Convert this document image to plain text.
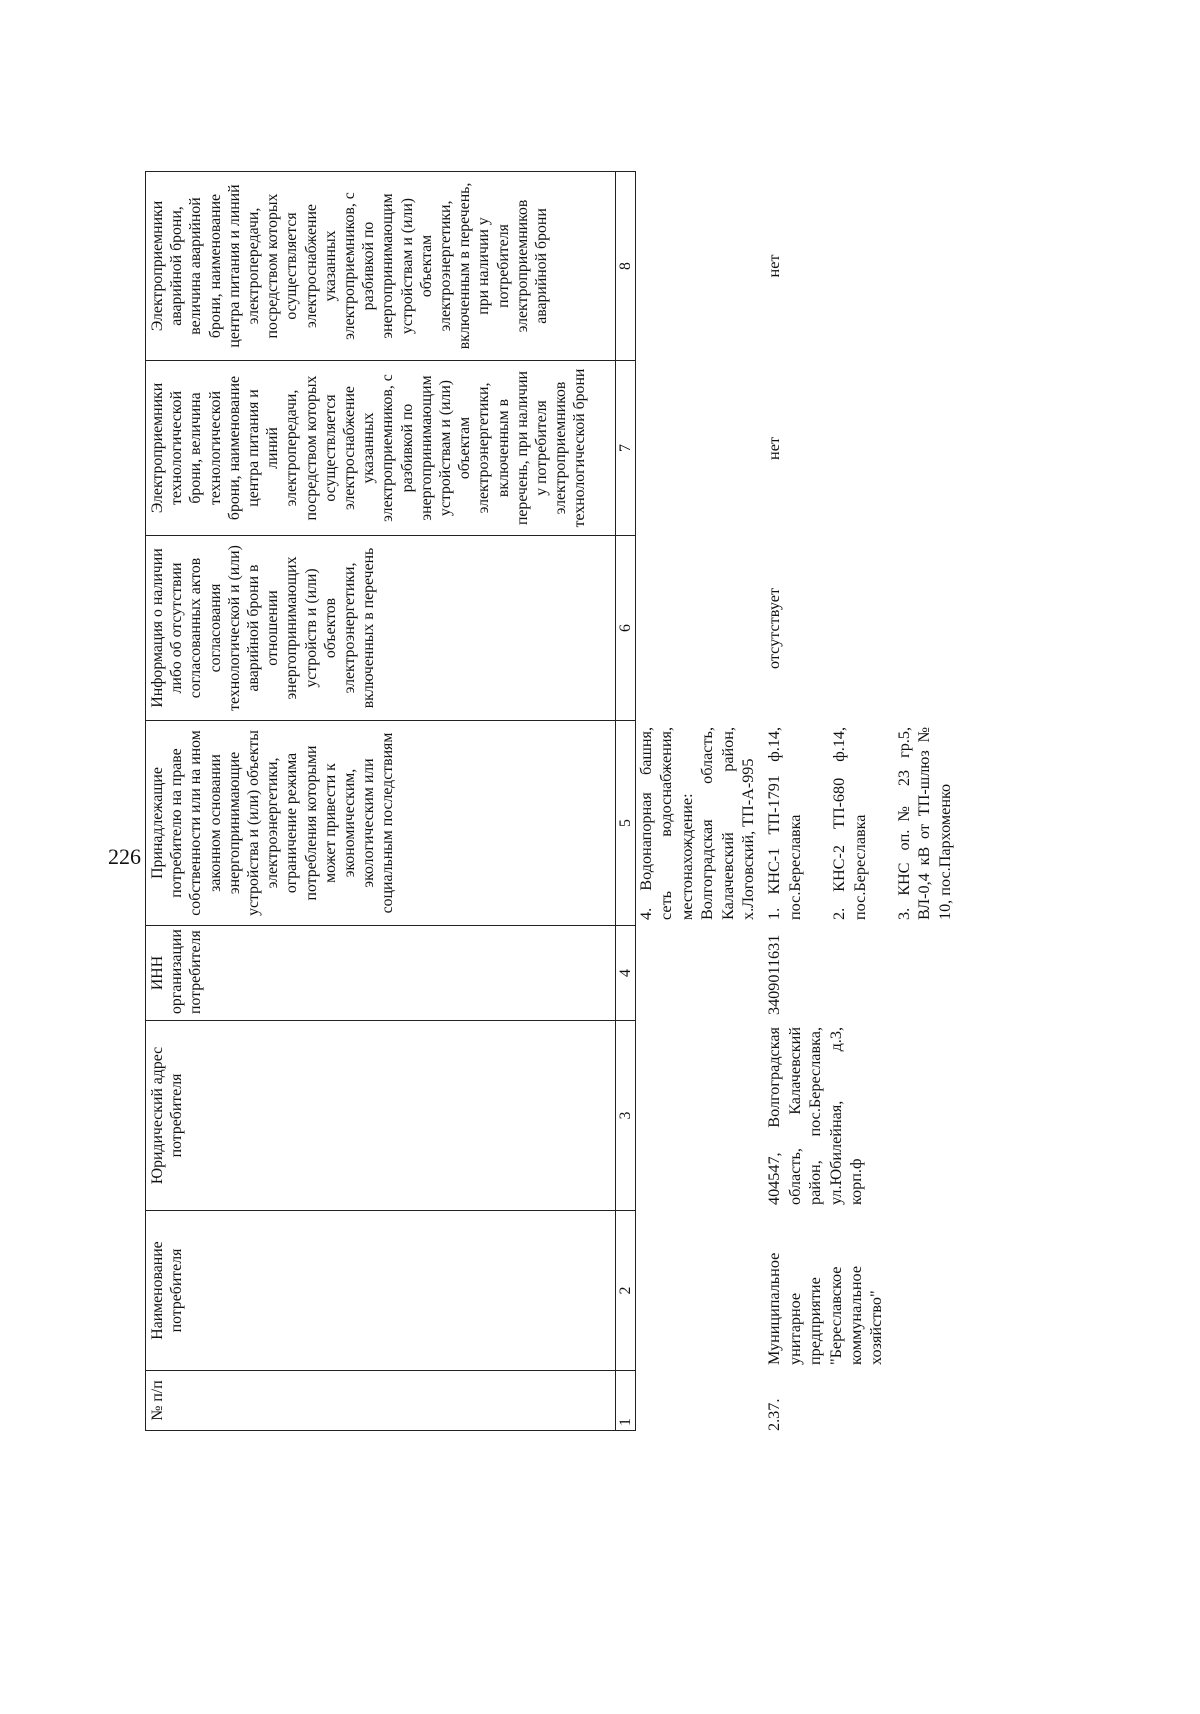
226
№ п/п
Наименование потребителя
Юридический адрес потребителя
ИНН организации потребителя
Принадлежащие потребителю на праве собственности или на ином законном основании энергопринимающие устройства и (или) объекты электроэнергетики, ограничение режима потребления которыми может привести к экономическим, экологическим или социальным последствиям
Информация о наличии либо об отсутствии согласованных актов согласования технологической и (или) аварийной брони в отношении энергопринимающих устройств и (или) объектов электроэнергетики, включенных в перечень
Электроприемники технологической брони, величина технологической брони, наименование центра питания и линий электропередачи, посредством которых осуществляется электроснабжение указанных электроприемников, с разбивкой по энергопринимающим устройствам и (или) объектам электроэнергетики, включенным в перечень, при наличии у потребителя электроприемников технологической брони
Электроприемники аварийной брони, величина аварийной брони, наименование центра питания и линий электропередачи, посредством которых осуществляется электроснабжение указанных электроприемников, с разбивкой по энергопринимающим устройствам и (или) объектам электроэнергетики, включенным в перечень, при наличии у потребителя электроприемников аварийной брони
1
2
3
4
5
6
7
8
4. Водонапорная башня, сеть водоснабжения, местонахождение: Волгоградская область, Калачевский район, х.Логовский, ТП-А-995
2.37.
Муниципальное унитарное предприятие "Береславское коммунальное хозяйство"
404547, Волгоградская область, Калачевский район, пос.Береславка, ул.Юбилейная, д.3, корп.ф
3409011631
1. КНС-1 ТП-1791 ф.14, пос.Береславка 2. КНС-2 ТП-680 ф.14, пос.Береславка 3. КНС оп.№ 23 гр.5, ВЛ-0,4 кВ от ТП-шлюз № 10, пос.Пархоменко
отсутствует
нет
нет
